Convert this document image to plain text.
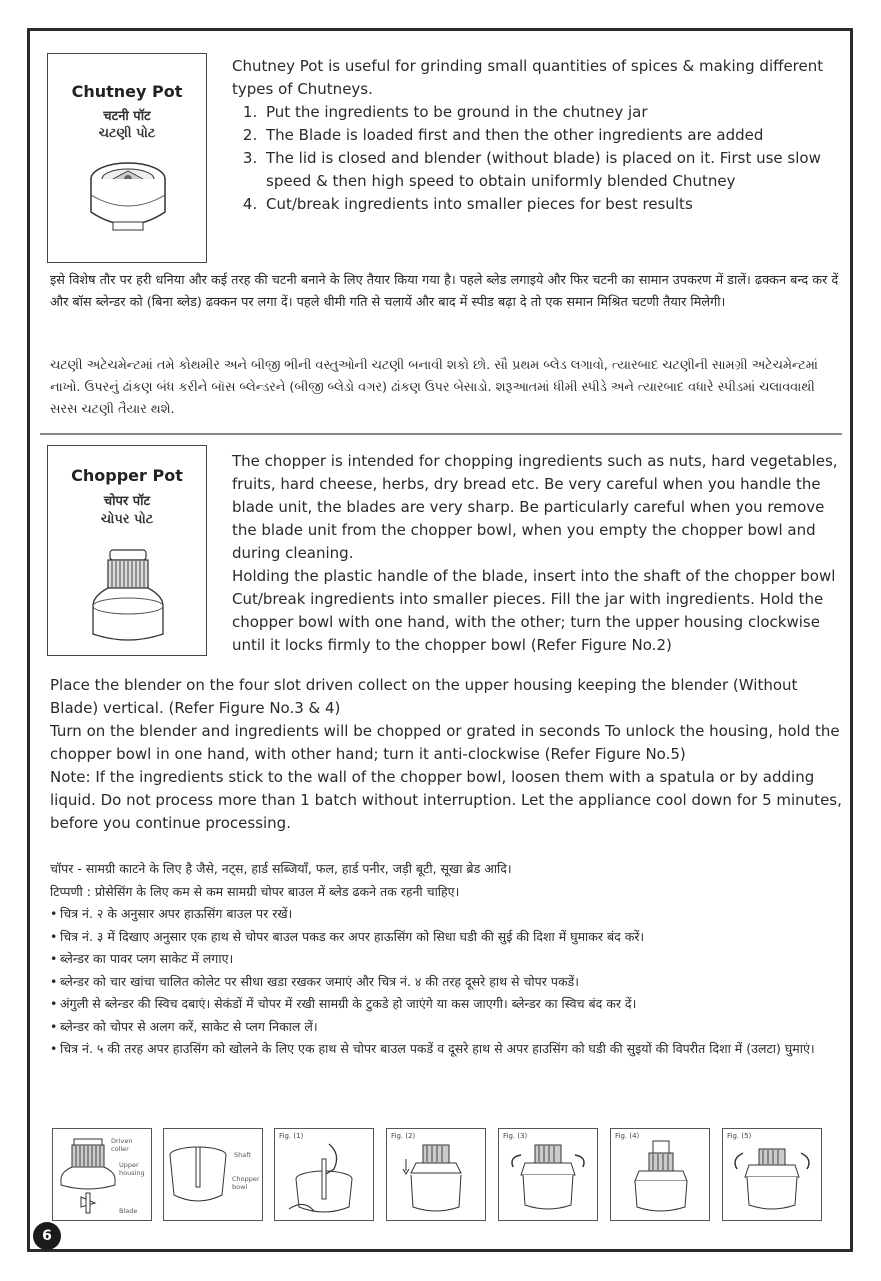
Chutney Pot
चटनी पॉट
ચટણી પોટ
Chutney Pot is useful for grinding small quantities of spices & making different types of Chutneys.
1. Put the ingredients to be ground in the chutney jar
2. The Blade is loaded first and then the other ingredients are added
3. The lid is closed and blender (without blade) is placed on it. First use slow speed & then high speed to obtain uniformly blended Chutney
4. Cut/break ingredients into smaller pieces for best results

इसे विशेष तौर पर हरी धनिया और कई तरह की चटनी बनाने के लिए तैयार किया गया है। पहले ब्लेड लगाइये और फिर चटनी का सामान उपकरण में डालें। ढक्कन बन्द कर दें और बॉस ब्लेन्डर को (बिना ब्लेड) ढक्कन पर लगा दें। पहले धीमी गति से चलायें और बाद में स्पीड बढ़ा दे तो एक समान मिश्रित चटणी तैयार मिलेगी।

ચટણી અટેચમેન્ટમાં તમે કોથમીર અને બીજી ભીની વસ્તુઓની ચટણી બનાવી શકો છો. સૌ પ્રથમ બ્લેડ લગાવો, ત્યારબાદ ચટણીની સામગ્રી અટેચમેન્ટમાં નાખો. ઉપરનું ઢાંકણ બંધ કરીને બૉસ બ્લેન્ડરને (બીજી બ્લેડો વગર) ઢાંકણ ઉપર બેસાડો. શરૂઆતમાં ધીમી સ્પીડે અને ત્યારબાદ વધારે સ્પીડમાં ચલાવવાથી સરસ ચટણી તૈયાર થશે.

Chopper Pot
चोपर पॉट
ચોપર પોટ
The chopper is intended for chopping ingredients such as nuts, hard vegetables, fruits, hard cheese, herbs, dry bread etc. Be very careful when you handle the blade unit, the blades are very sharp. Be particularly careful when you remove the blade unit from the chopper bowl, when you empty the chopper bowl and during cleaning.
Holding the plastic handle of the blade, insert into the shaft of the chopper bowl Cut/break ingredients into smaller pieces. Fill the jar with ingredients. Hold the chopper bowl with one hand, with the other; turn the upper housing clockwise until it locks firmly to the chopper bowl (Refer Figure No.2)
Place the blender on the four slot driven collect on the upper housing keeping the blender (Without Blade) vertical. (Refer Figure No.3 & 4)
Turn on the blender and ingredients will be chopped or grated in seconds To unlock the housing, hold the chopper bowl in one hand, with other hand; turn it anti-clockwise (Refer Figure No.5)
Note: If the ingredients stick to the wall of the chopper bowl, loosen them with a spatula or by adding liquid. Do not process more than 1 batch without interruption. Let the appliance cool down for 5 minutes, before you continue processing.
चॉपर - सामग्री काटने के लिए है जैसे, नट्स, हार्ड सब्जियाँ, फल, हार्ड पनीर, जड़ी बूटी, सूखा ब्रेड आदि।
टिप्पणी : प्रोसेसिंग के लिए कम से कम सामग्री चोपर बाउल में ब्लेड ढकने तक रहनी चाहिए।
• चित्र नं. २ के अनुसार अपर हाऊसिंग बाउल पर रखें।
• चित्र नं. ३ में दिखाए अनुसार एक हाथ से चोपर बाउल पकड कर अपर हाऊसिंग को सिधा घडी की सुई की दिशा में घुमाकर बंद करें।
• ब्लेन्डर का पावर प्लग साकेट में लगाए।
• ब्लेन्डर को चार खांचा चालित कोलेट पर सीधा खडा रखकर जमाएं और चित्र नं. ४ की तरह दूसरे हाथ से चोपर पकडें।
• अंगुली से ब्लेन्डर की स्विच दबाएं। सेकंडों में चोपर में रखी सामग्री के टुकडे हो जाएंगे या कस जाएगी। ब्लेन्डर का स्विच बंद कर दें।
• ब्लेन्डर को चोपर से अलग करें, साकेट से प्लग निकाल लें।
• चित्र नं. ५ की तरह अपर हाउसिंग को खोलने के लिए एक हाथ से चोपर बाउल पकडें व दूसरे हाथ से अपर हाउसिंग को घडी की सुइयों की विपरीत दिशा में (उलटा) घुमाएं।
Driven coller
Upper housing
Blade
Shaft
Chopper bowl
Fig. (1)	Fig. (2)	Fig. (3)	Fig. (4)	Fig. (5)
6
